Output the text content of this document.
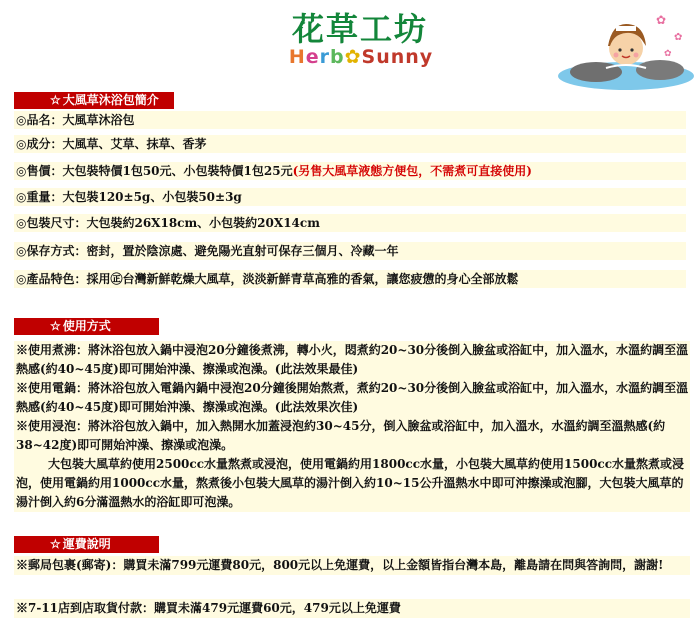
花草工坊
Herb✿Sunny
✿
✿
✿
☆ 大風草沐浴包簡介
◎品名：大風草沐浴包
◎成分：大風草、艾草、抹草、香茅
◎售價：大包裝特價1包50元、小包裝特價1包25元(另售大風草液態方便包，不需煮可直接使用)
◎重量：大包裝120±5g、小包裝50±3g
◎包裝尺寸：大包裝約26X18cm、小包裝約20X14cm
◎保存方式：密封，置於陰涼處、避免陽光直射可保存三個月、冷藏一年
◎產品特色：採用㊣台灣新鮮乾燥大風草，淡淡新鮮青草高雅的香氣，讓您疲憊的身心全部放鬆
☆ 使用方式
※使用煮沸：將沐浴包放入鍋中浸泡20分鐘後煮沸，轉小火，悶煮約20~30分後倒入臉盆或浴缸中，加入溫水，水溫約調至溫熱感(約40~45度)即可開始沖澡、擦澡或泡澡。(此法效果最佳)
※使用電鍋：將沐浴包放入電鍋內鍋中浸泡20分鐘後開始熬煮，煮約20~30分後倒入臉盆或浴缸中，加入溫水，水溫約調至溫熱感(約40~45度)即可開始沖澡、擦澡或泡澡。(此法效果次佳)
※使用浸泡：將沐浴包放入鍋中，加入熱開水加蓋浸泡約30~45分，倒入臉盆或浴缸中，加入溫水，水溫約調至溫熱感(約38~42度)即可開始沖澡、擦澡或泡澡。
大包裝大風草約使用2500cc水量熬煮或浸泡，使用電鍋約用1800cc水量，小包裝大風草約使用1500cc水量熬煮或浸泡，使用電鍋約用1000cc水量，熬煮後小包裝大風草的湯汁倒入約10~15公升溫熱水中即可沖擦澡或泡腳，大包裝大風草的湯汁倒入約6分滿溫熱水的浴缸即可泡澡。
☆ 運費說明
※郵局包裹(郵寄)：購買未滿799元運費80元，800元以上免運費，以上金額皆指台灣本島，離島請在問與答詢問，謝謝!
※7-11店到店取貨付款：購買未滿479元運費60元，479元以上免運費
